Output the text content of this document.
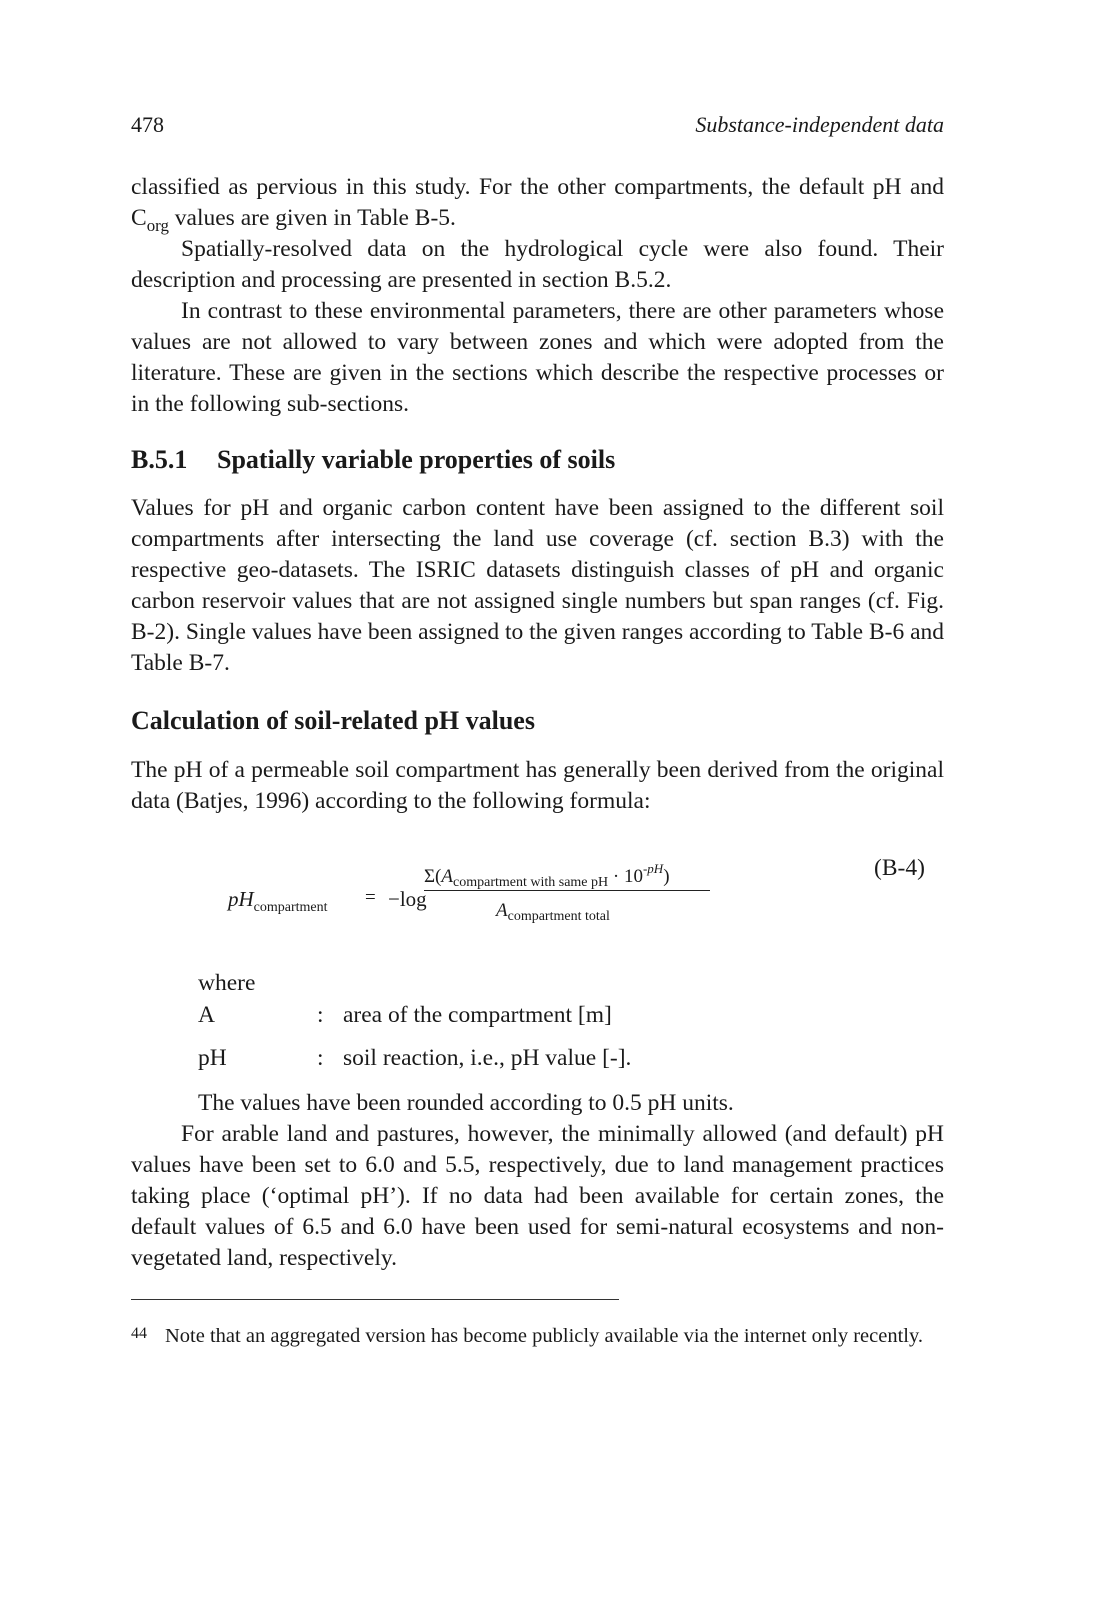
478	Substance-independent data

classified as pervious in this study. For the other compartments, the default pH and $C_{org}$ values are given in Table B-5.

Spatially-resolved data on the hydrological cycle were also found. Their description and processing are presented in section B.5.2.

In contrast to these environmental parameters, there are other parameters whose values are not allowed to vary between zones and which were adopted from the literature. These are given in the sections which describe the respective processes or in the following sub-sections.

B.5.1 Spatially variable properties of soils

Values for pH and organic carbon content have been assigned to the different soil compartments after intersecting the land use coverage (cf. section B.3) with the respective geo-datasets. The ISRIC datasets distinguish classes of pH and organic carbon reservoir values that are not assigned single numbers but span ranges (cf. Fig. B-2). Single values have been assigned to the given ranges according to Table B-6 and Table B-7.

Calculation of soil-related pH values

The pH of a permeable soil compartment has generally been derived from the original data (Batjes, 1996) according to the following formula:

$pH_{compartment} = -\log$
$\Sigma(A_{compartment with same pH} \cdot 10^{-pH})$
$A_{compartment total}$
(B-4)
where
A	: area of the compartment [m]
pH	: soil reaction, i.e., pH value [-].

The values have been rounded according to 0.5 pH units.

For arable land and pastures, however, the minimally allowed (and default) pH values have been set to 6.0 and 5.5, respectively, due to land management practices taking place (‘optimal pH’). If no data had been available for certain zones, the default values of 6.5 and 6.0 have been used for semi-natural ecosystems and non-vegetated land, respectively.

44 Note that an aggregated version has become publicly available via the internet only recently.
